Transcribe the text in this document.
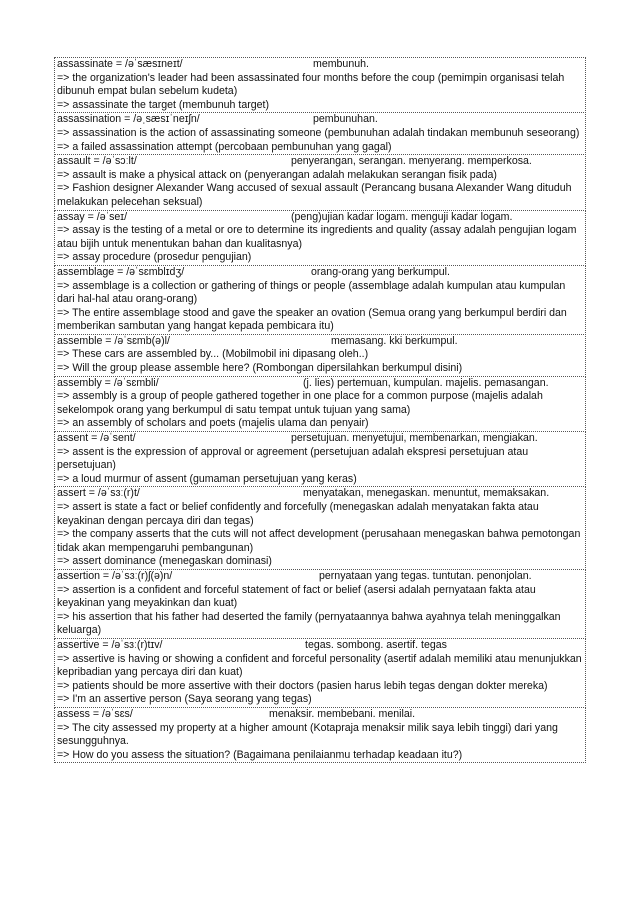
assassinate = /əˈsæsɪneɪt/	membunuh.
=> the organization's leader had been assassinated four months before the coup (pemimpin organisasi telah dibunuh empat bulan sebelum kudeta)
=> assassinate the target (membunuh target)
assassination = /əˌsæsɪˈneɪʃn/	pembunuhan.
=> assassination is the action of assassinating someone (pembunuhan adalah tindakan membunuh seseorang)
=> a failed assassination attempt (percobaan pembunuhan yang gagal)
assault = /əˈsɔːlt/	penyerangan, serangan. menyerang. memperkosa.
=> assault is make a physical attack on (penyerangan adalah melakukan serangan fisik pada)
=> Fashion designer Alexander Wang accused of sexual assault (Perancang busana Alexander Wang dituduh melakukan pelecehan seksual)
assay = /əˈseɪ/	(peng)ujian kadar logam. menguji kadar logam.
=> assay is the testing of a metal or ore to determine its ingredients and quality (assay adalah pengujian logam atau bijih untuk menentukan bahan dan kualitasnya)
=> assay procedure (prosedur pengujian)
assemblage = /əˈsɛmblɪdʒ/	orang-orang yang berkumpul.
=> assemblage is a collection or gathering of things or people (assemblage adalah kumpulan atau kumpulan dari hal-hal atau orang-orang)
=> The entire assemblage stood and gave the speaker an ovation (Semua orang yang berkumpul berdiri dan memberikan sambutan yang hangat kepada pembicara itu)
assemble = /əˈsɛmb(ə)l/	memasang. kki berkumpul.
=> These cars are assembled by... (Mobilmobil ini dipasang oleh..)
=> Will the group please assemble here? (Rombongan dipersilahkan berkumpul disini)
assembly = /əˈsɛmbli/	(j. lies) pertemuan, kumpulan. majelis. pemasangan.
=> assembly is a group of people gathered together in one place for a common purpose (majelis adalah sekelompok orang yang berkumpul di satu tempat untuk tujuan yang sama)
=> an assembly of scholars and poets (majelis ulama dan penyair)
assent = /əˈsent/	persetujuan. menyetujui, membenarkan, mengiakan.
=> assent is the expression of approval or agreement (persetujuan adalah ekspresi persetujuan atau persetujuan)
=> a loud murmur of assent (gumaman persetujuan yang keras)
assert = /əˈsɜː(r)t/	menyatakan, menegaskan. menuntut, memaksakan.
=> assert is state a fact or belief confidently and forcefully (menegaskan adalah menyatakan fakta atau keyakinan dengan percaya diri dan tegas)
=> the company asserts that the cuts will not affect development (perusahaan menegaskan bahwa pemotongan tidak akan mempengaruhi pembangunan)
=> assert dominance (menegaskan dominasi)
assertion = /əˈsɜː(r)ʃ(ə)n/	pernyataan yang tegas. tuntutan. penonjolan.
=> assertion is a confident and forceful statement of fact or belief (asersi adalah pernyataan fakta atau keyakinan yang meyakinkan dan kuat)
=> his assertion that his father had deserted the family (pernyataannya bahwa ayahnya telah meninggalkan keluarga)
assertive = /əˈsɜː(r)tɪv/	tegas. sombong. asertif. tegas
=> assertive is having or showing a confident and forceful personality (asertif adalah memiliki atau menunjukkan kepribadian yang percaya diri dan kuat)
=> patients should be more assertive with their doctors (pasien harus lebih tegas dengan dokter mereka)
=> I'm an assertive person (Saya seorang yang tegas)
assess = /əˈsɛs/	menaksir. membebani. menilai.
=> The city assessed my property at a higher amount (Kotapraja menaksir milik saya lebih tinggi) dari yang sesungguhnya.
=> How do you assess the situation? (Bagaimana penilaianmu terhadap keadaan itu?)
